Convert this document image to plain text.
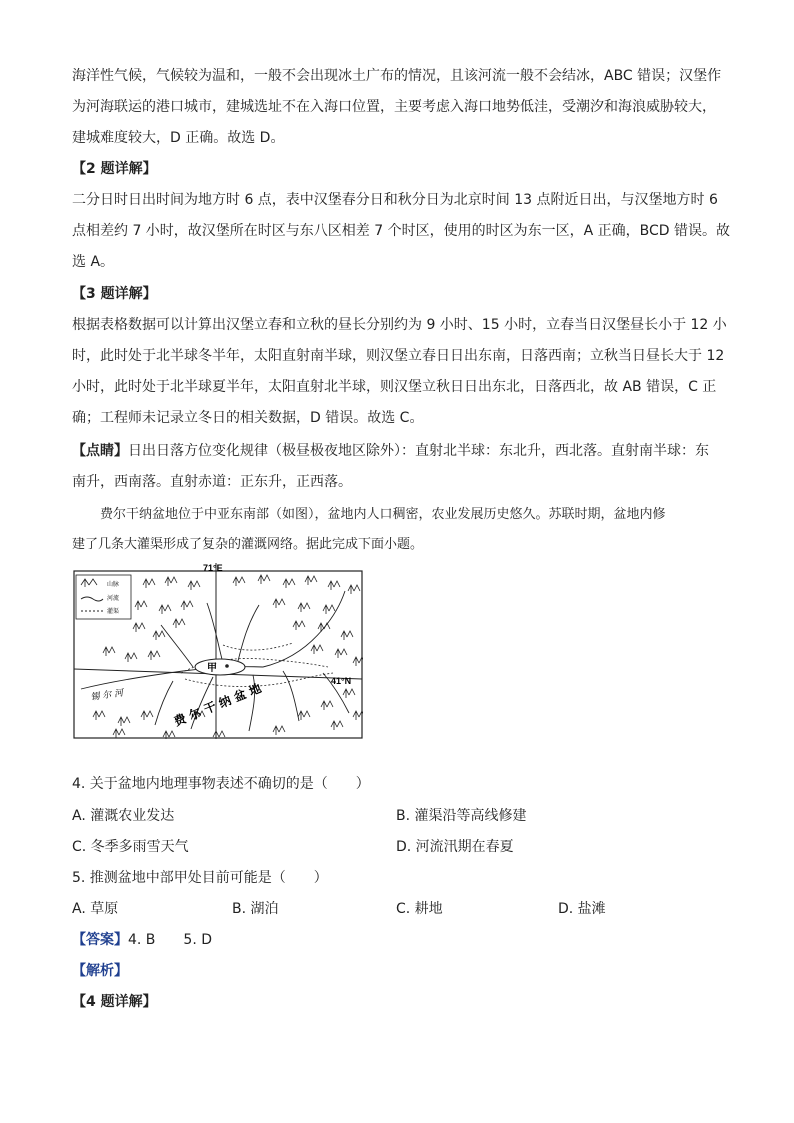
海洋性气候，气候较为温和，一般不会出现冰土广布的情况，且该河流一般不会结冰，ABC 错误；汉堡作
为河海联运的港口城市，建城选址不在入海口位置，主要考虑入海口地势低洼，受潮汐和海浪威胁较大，
建城难度较大，D 正确。故选 D。
【2 题详解】
二分日时日出时间为地方时 6 点，表中汉堡春分日和秋分日为北京时间 13 点附近日出，与汉堡地方时 6
点相差约 7 小时，故汉堡所在时区与东八区相差 7 个时区，使用的时区为东一区，A 正确，BCD 错误。故
选 A。
【3 题详解】
根据表格数据可以计算出汉堡立春和立秋的昼长分别约为 9 小时、15 小时，立春当日汉堡昼长小于 12 小
时，此时处于北半球冬半年，太阳直射南半球，则汉堡立春日日出东南，日落西南；立秋当日昼长大于 12
小时，此时处于北半球夏半年，太阳直射北半球，则汉堡立秋日日出东北，日落西北，故 AB 错误，C 正
确；工程师未记录立冬日的相关数据，D 错误。故选 C。
【点睛】日出日落方位变化规律（极昼极夜地区除外）：直射北半球：东北升，西北落。直射南半球：东
南升，西南落。直射赤道：正东升，正西落。
费尔干纳盆地位于中亚东南部（如图），盆地内人口稠密，农业发展历史悠久。苏联时期，盆地内修
建了几条大灌渠形成了复杂的灌溉网络。据此完成下面小题。
71°E
41°N
山脉
河流
灌渠
甲
锡 尔 河	费 尔 干 纳 盆 地
4. 关于盆地内地理事物表述不确切的是（　　）
A. 灌溉农业发达	B. 灌渠沿等高线修建
C. 冬季多雨雪天气	D. 河流汛期在春夏
5. 推测盆地中部甲处目前可能是（　　）
A. 草原	B. 湖泊	C. 耕地	D. 盐滩
【答案】4. B　　5. D
【解析】
【4 题详解】
